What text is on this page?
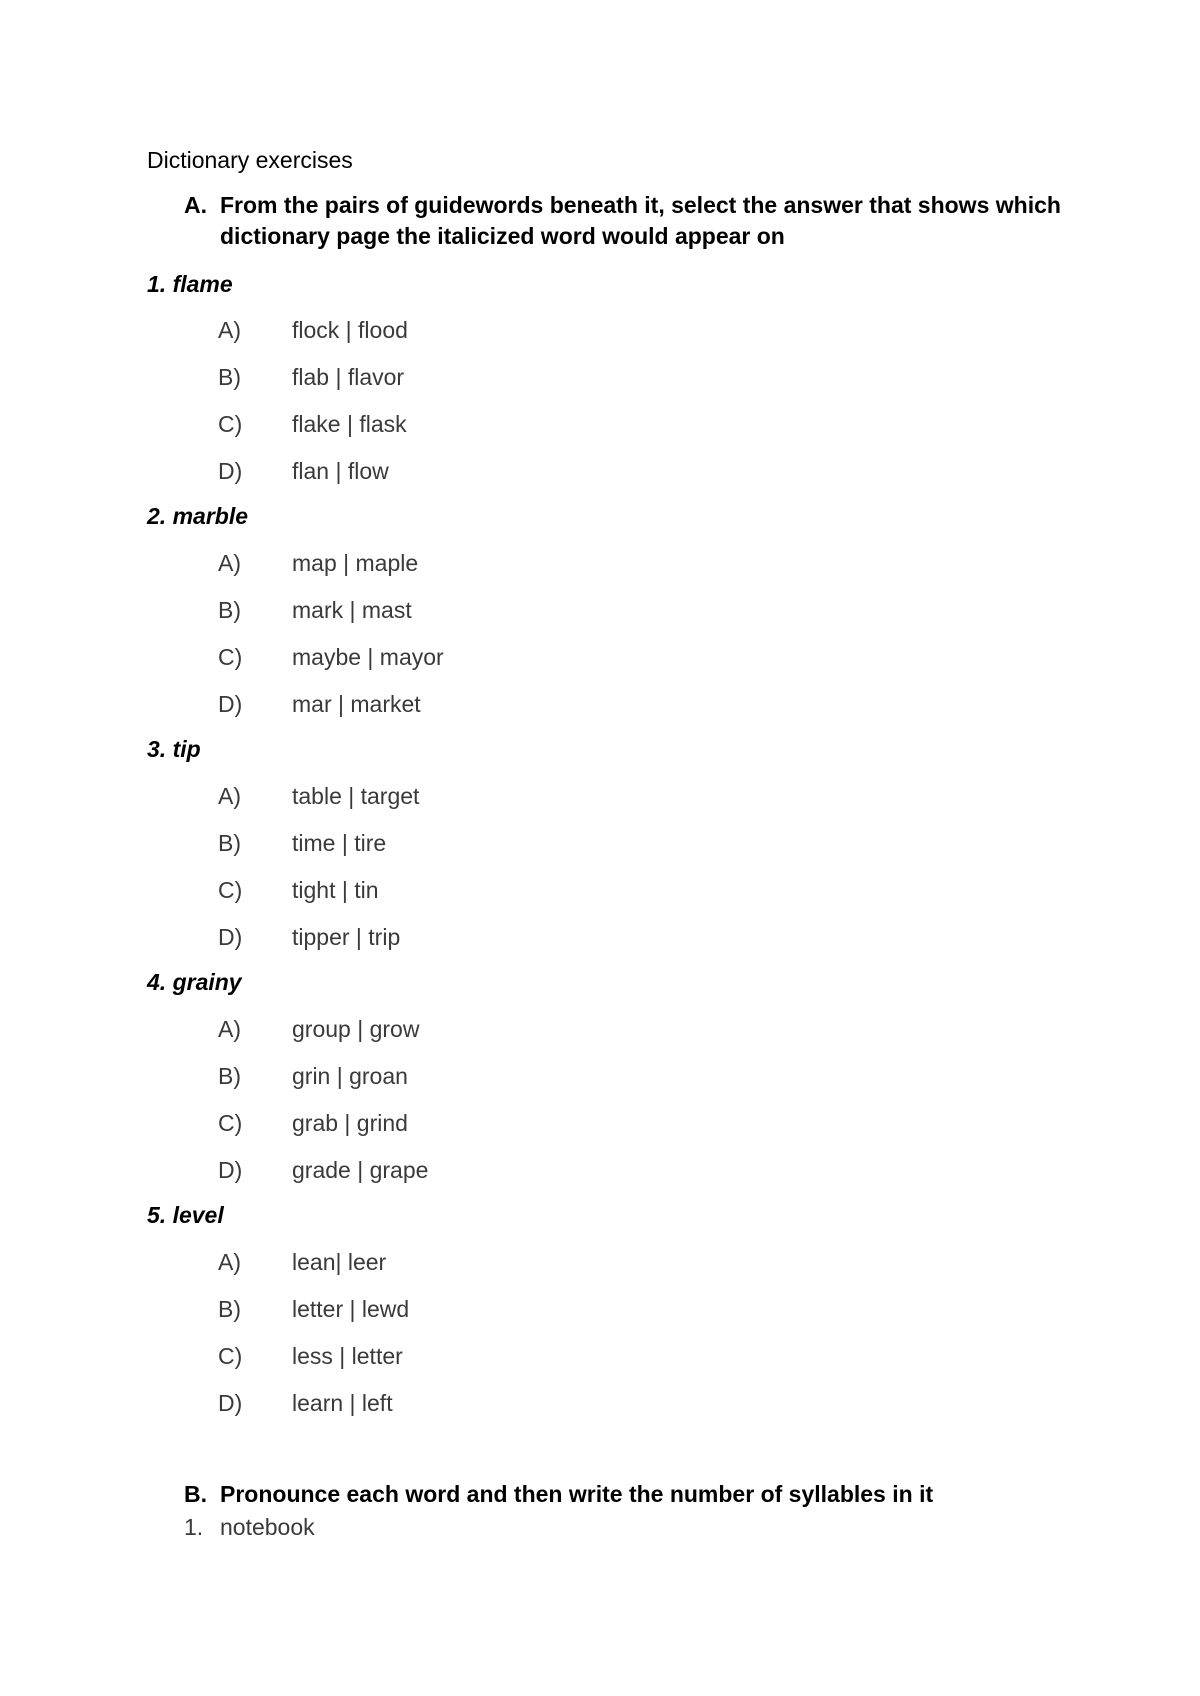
Dictionary exercises
A. From the pairs of guidewords beneath it, select the answer that shows which dictionary page the italicized word would appear on
1. flame
A) flock | flood
B) flab | flavor
C) flake | flask
D) flan | flow
2. marble
A) map | maple
B) mark | mast
C) maybe | mayor
D) mar | market
3. tip
A) table | target
B) time | tire
C) tight | tin
D) tipper | trip
4. grainy
A) group | grow
B) grin | groan
C) grab | grind
D) grade | grape
5. level
A) lean| leer
B) letter | lewd
C) less | letter
D) learn | left
B. Pronounce each word and then write the number of syllables in it
1. notebook
